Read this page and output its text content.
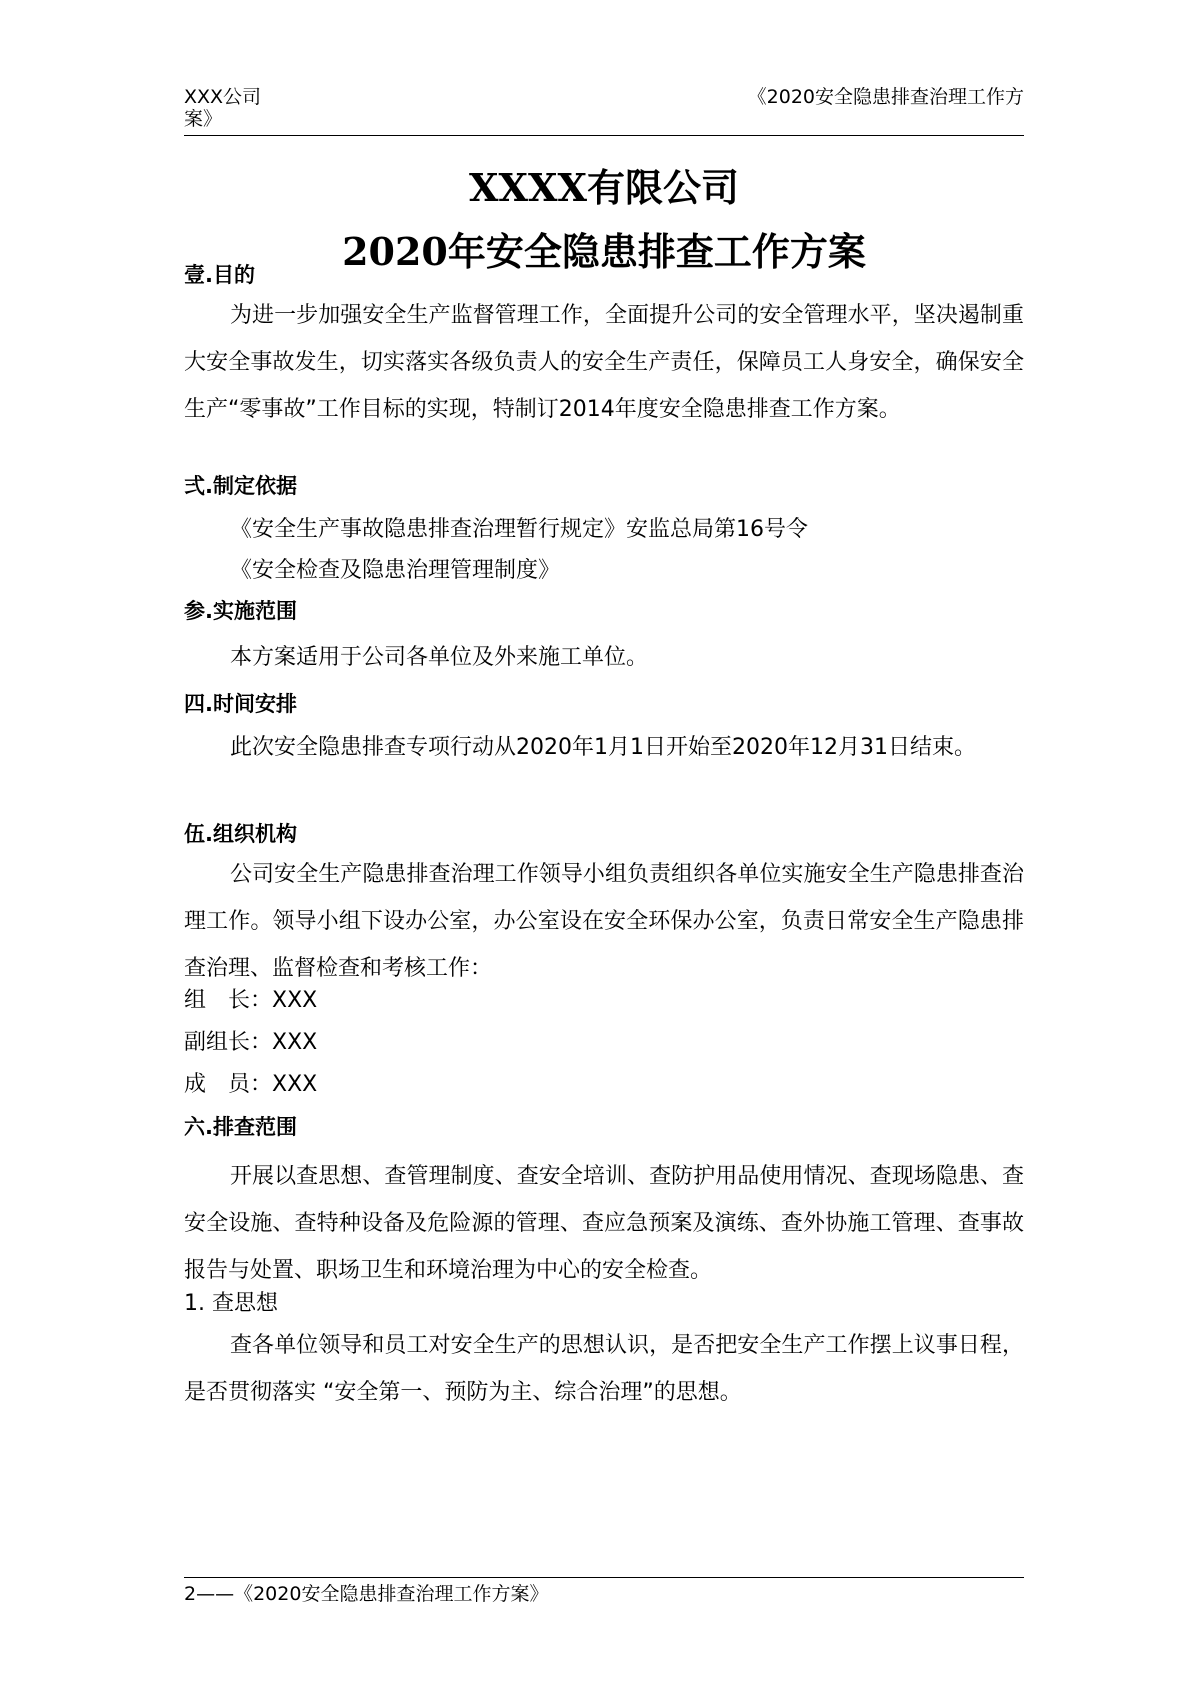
XXX公司
案》
《2020安全隐患排查治理工作方
XXXX有限公司
2020年安全隐患排查工作方案
壹.目的

为进一步加强安全生产监督管理工作，全面提升公司的安全管理水平，坚决遏制重大安全事故发生，切实落实各级负责人的安全生产责任，保障员工人身安全，确保安全生产“零事故”工作目标的实现，特制订2014年度安全隐患排查工作方案。

弍.制定依据
《安全生产事故隐患排查治理暂行规定》安监总局第16号令
《安全检查及隐患治理管理制度》
参.实施范围
本方案适用于公司各单位及外来施工单位。
四.时间安排

此次安全隐患排查专项行动从2020年1月1日开始至2020年12月31日结束。

伍.组织机构

公司安全生产隐患排查治理工作领导小组负责组织各单位实施安全生产隐患排查治理工作。领导小组下设办公室，办公室设在安全环保办公室，负责日常安全生产隐患排查治理、监督检查和考核工作：

组　长：XXX
副组长：XXX
成　员：XXX
六.排查范围

开展以查思想、查管理制度、查安全培训、查防护用品使用情况、查现场隐患、查安全设施、查特种设备及危险源的管理、查应急预案及演练、查外协施工管理、查事故报告与处置、职场卫生和环境治理为中心的安全检查。

1. 查思想

查各单位领导和员工对安全生产的思想认识，是否把安全生产工作摆上议事日程，是否贯彻落实 “安全第一、预防为主、综合治理”的思想。

2——《2020安全隐患排查治理工作方案》
